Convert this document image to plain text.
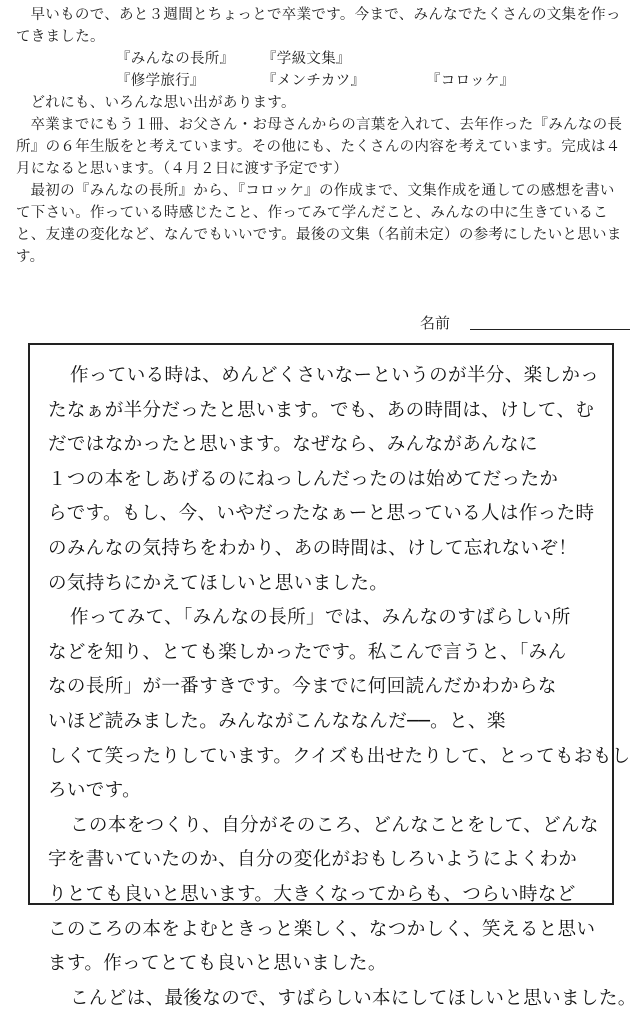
早いもので、あと３週間とちょっとで卒業です。今まで、みんなでたくさんの文集を作ってきました。

『みんなの長所』 『学級文集』
『修学旅行』	『メンチカツ』	『コロッケ』

どれにも、いろんな思い出があります。

卒業までにもう１冊、お父さん・お母さんからの言葉を入れて、去年作った『みんなの長所』の６年生版をと考えています。その他にも、たくさんの内容を考えています。完成は４月になると思います。（４月２日に渡す予定です）

最初の『みんなの長所』から、『コロッケ』の作成まで、文集作成を通しての感想を書いて下さい。作っている時感じたこと、作ってみて学んだこと、みんなの中に生きていること、友達の変化など、なんでもいいです。最後の文集（名前未定）の参考にしたいと思います。

名前
作っている時は、めんどくさいなーというのが半分、楽しかっ
たなぁが半分だったと思います。でも、あの時間は、けして、む
だではなかったと思います。なぜなら、みんながあんなに
１つの本をしあげるのにねっしんだったのは始めてだったか
らです。もし、今、いやだったなぁーと思っている人は作った時
のみんなの気持ちをわかり、あの時間は、けして忘れないぞ！
の気持ちにかえてほしいと思いました。
作ってみて、「みんなの長所」では、みんなのすばらしい所
などを知り、とても楽しかったです。私こんで言うと、「みん
なの長所」が一番すきです。今までに何回読んだかわからな
いほど読みました。みんながこんななんだ──。と、楽
しくて笑ったりしています。クイズも出せたりして、とってもおもし
ろいです。
この本をつくり、自分がそのころ、どんなことをして、どんな
字を書いていたのか、自分の変化がおもしろいようによくわか
りとても良いと思います。大きくなってからも、つらい時など
このころの本をよむときっと楽しく、なつかしく、笑えると思い
ます。作ってとても良いと思いました。
こんどは、最後なので、すばらしい本にしてほしいと思いました。
